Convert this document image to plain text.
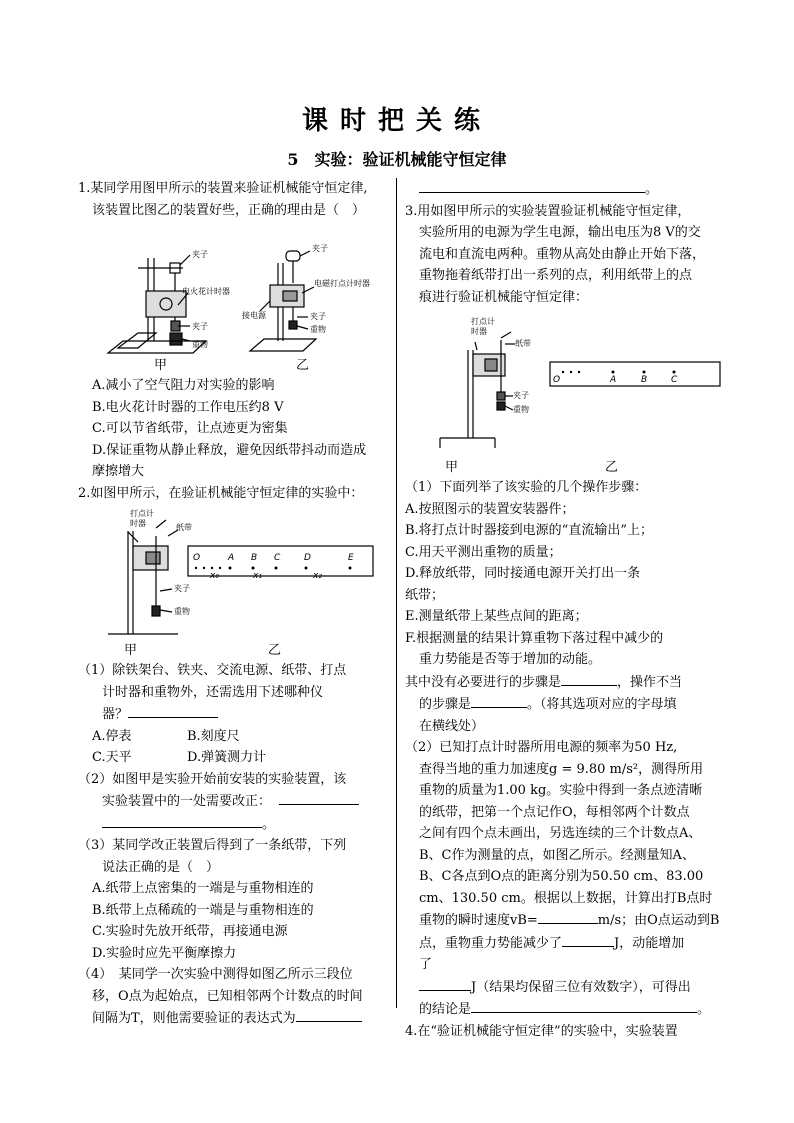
课时把关练
5　实验：验证机械能守恒定律

1.某同学用图甲所示的装置来验证机械能守恒定律,

该装置比图乙的装置好些，正确的理由是（　）

夹子
电火花计时器
夹子
重物
夹子
电磁打点计时器
接电源	夹子
重物
甲	乙

A.减小了空气阻力对实验的影响

B.电火花计时器的工作电压约8 V

C.可以节省纸带，让点迹更为密集

D.保证重物从静止释放，避免因纸带抖动而造成

摩擦增大

2.如图甲所示，在验证机械能守恒定律的实验中：

打点计
时器	纸带
夹子
重物
O	A B C	D	E
x₀	x₁	x₂
甲	乙

（1）除铁架台、铁夹、交流电源、纸带、打点

计时器和重物外，还需选用下述哪种仪

器？

A.停表	B.刻度尺

C.天平	D.弹簧测力计

（2）如图甲是实验开始前安装的实验装置，该

实验装置中的一处需要改正：

。

（3）某同学改正装置后得到了一条纸带，下列

说法正确的是（　）

A.纸带上点密集的一端是与重物相连的

B.纸带上点稀疏的一端是与重物相连的

C.实验时先放开纸带，再接通电源

D.实验时应先平衡摩擦力

（4）　某同学一次实验中测得如图乙所示三段位

移，O点为起始点，已知相邻两个计数点的时间

间隔为T，则他需要验证的表达式为

。

3.用如图甲所示的实验装置验证机械能守恒定律，

实验所用的电源为学生电源，输出电压为8 V的交

流电和直流电两种。重物从高处由静止开始下落，

重物拖着纸带打出一系列的点，利用纸带上的点

痕进行验证机械能守恒定律：

打点计
时器
纸带
夹子
重物
O	A	B	C
甲	乙

（1）下面列举了该实验的几个操作步骤：

A.按照图示的装置安装器件；

B.将打点计时器接到电源的“直流输出”上；

C.用天平测出重物的质量；

D.释放纸带，同时接通电源开关打出一条

纸带；

E.测量纸带上某些点间的距离；

F.根据测量的结果计算重物下落过程中减少的

重力势能是否等于增加的动能。

其中没有必要进行的步骤是	，操作不当

的步骤是	。（将其选项对应的字母填

在横线处）

（2）已知打点计时器所用电源的频率为50 Hz,

查得当地的重力加速度g = 9.80 m/s²，测得所用

重物的质量为1.00 kg。实验中得到一条点迹清晰

的纸带，把第一个点记作O，每相邻两个计数点

之间有四个点未画出，另选连续的三个计数点A、

B、C作为测量的点，如图乙所示。经测量知A、

B、C各点到O点的距离分别为50.50 cm、83.00

cm、130.50 cm。根据以上数据，计算出打B点时

重物的瞬时速度vB=	m/s；由O点运动到B

点，重物重力势能减少了	J，动能增加

了

J（结果均保留三位有效数字），可得出

的结论是	。

4.在“验证机械能守恒定律”的实验中，实验装置
